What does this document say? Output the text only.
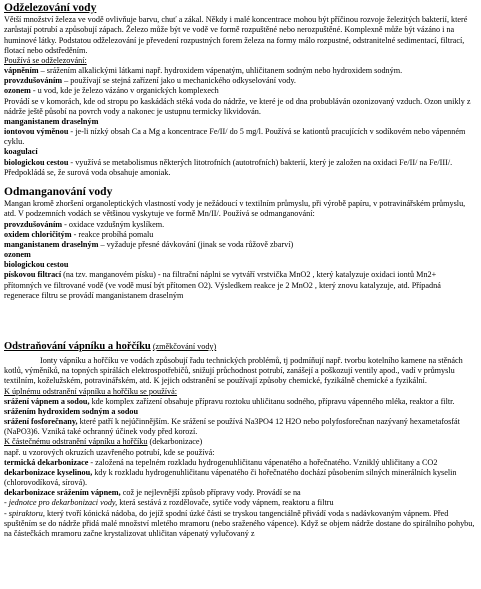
Odželezování vody

Větší množství železa ve vodě ovlivňuje barvu, chuť a zákal. Někdy i malé koncentrace mohou být příčinou rozvoje železitých bakterií, které zarůstají potrubí a způsobují zápach. Železo může být ve vodě ve formě rozpuštěné nebo nerozpuštěné. Komplexně může být vázáno i na huminové látky. Podstatou odželezování je převedení rozpustných forem železa na formy málo rozpustné, odstranitelné sedimentací, filtrací, flotací nebo odstředěním.

Používá se odželezování:

vápněním – srážením alkalickými látkami např. hydroxidem vápenatým, uhličitanem sodným nebo hydroxidem sodným.

provzdušováním – používají se stejná zařízení jako u mechanického odkyselování vody.

ozonem - u vod, kde je železo vázáno v organických komplexech

Provádí se v komorách, kde od stropu po kaskádách stéká voda do nádrže, ve které je od dna probubláván ozonizovaný vzduch. Ozon unikly z nádrže ještě působí na povrch vody a nakonec je ustupnu termicky likvidován.

manganistanem draselným

iontovou výměnou - je-li nízký obsah Ca a Mg a koncentrace Fe/II/ do 5 mg/l. Používá se kationtů pracujících v sodíkovém nebo vápenném cyklu.

koagulací

biologickou cestou - využívá se metabolismus některých litotrofních (autotrofních) bakterií, který je založen na oxidaci Fe/II/ na Fe/III/. Předpokládá se, že surová voda obsahuje amoniak.

Odmanganování vody

Mangan kromě zhoršení organoleptických vlastností vody je nežádoucí v textilním průmyslu, při výrobě papíru, v potravinářském průmyslu, atd. V podzemních vodách se většinou vyskytuje ve formě Mn/II/. Používá se odmanganování:

provzdušováním - oxidace vzdušným kyslíkem.

oxidem chloričitým - reakce probíhá pomalu

manganistanem draselným – vyžaduje přesné dávkování (jinak se voda růžově zbarví)

ozonem

biologickou cestou

pískovou filtrací (na tzv. manganovém písku) - na filtrační náplni se vytváří vrstvička MnO2 , který katalyzuje oxidaci iontů Mn2+ přítomných ve filtrované vodě (ve vodě musí být přítomen O2). Výsledkem reakce je 2 MnO2 , který znovu katalyzuje, atd. Případná regenerace filtru se provádí manganistanem draselným

Odstraňování vápníku a hořčíku (změkčování vody)

Ionty vápníku a hořčíku ve vodách způsobují řadu technických problémů, tj podmíňují např. tvorbu kotelního kamene na stěnách kotlů, výměníků, na topných spirálách elektrospotřebičů, snižují průchodnost potrubí, zanášejí a poškozují ventily apod., vadí v průmyslu textilním, koželužském, potravinářském, atd. K jejich odstranění se používají způsoby chemické, fyzikálně chemické a fyzikální.

K úplnému odstranění vápníku a hořčíku se používá:

srážení vápnem a sodou, kde komplex zařízení obsahuje přípravu roztoku uhličitanu sodného, přípravu vápenného mléka, reaktor a filtr.

srážením hydroxidem sodným a sodou

srážení fosforečnany, které patří k nejúčinnějším. Ke srážení se používá Na3PO4 12 H2O nebo polyfosforečnan nazývaný hexametafosfát (NaPO3)6. Vzniká také ochranný účinek vody před korozí.

K částečnému odstranění vápníku a hořčíku (dekarbonizace)

např. u vzorových okruzích uzavřeného potrubí, kde se používá:

termická dekarbonizace - založená na tepelném rozkladu hydrogenuhličitanu vápenatého a hořečnatého. Vzniklý uhličitany a CO2

dekarbonizace kyselinou, kdy k rozkladu hydrogenuhličitanu vápenatého či hořečnatého dochází působením silných minerálních kyselin (chlorovodíková, sírová).

dekarbonizace srážením vápnem, což je nejlevnější způsob přípravy vody. Provádí se na

- jednotce pro dekarbonizaci vody, která sestává z rozdělovače, sytiče vody vápnem, reaktoru a filtru

- spiraktoru, který tvoří kónická nádoba, do jejíž spodní úzké části se tryskou tangenciálně přivádí voda s nadávkovaným vápnem. Před spuštěním se do nádrže přidá malé množství mletého mramoru (nebo sraženého vápence). Když se objem nádrže dostane do spirálního pohybu, na částečkách mramoru začne krystalizovat uhličitan vápenatý vylučovaný z
